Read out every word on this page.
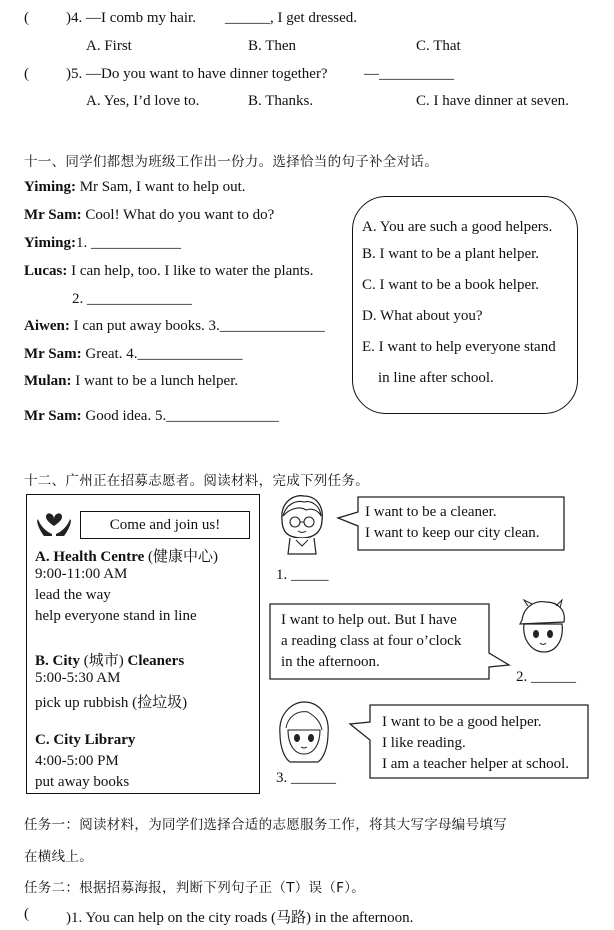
( )4. —I comb my hair. ______, I get dressed.
A. First	B. Then	C. That
( )5. —Do you want to have dinner together? —__________
A. Yes, I’d love to.	B. Thanks.	C. I have dinner at seven.
十一、同学们都想为班级工作出一份力。选择恰当的句子补全对话。
Yiming: Mr Sam, I want to help out.
Mr Sam: Cool! What do you want to do?
Yiming:1. ____________
Lucas: I can help, too. I like to water the plants.
2. ______________
Aiwen: I can put away books. 3.______________
Mr Sam: Great. 4.______________
Mulan: I want to be a lunch helper.
Mr Sam: Good idea. 5._______________
A. You are such a good helpers.
B. I want to be a plant helper.
C. I want to be a book helper.
D. What about you?
E. I want to help everyone stand
in line after school.
十二、广州正在招募志愿者。阅读材料，完成下列任务。
Come and join us!
A. Health Centre (健康中心)
9:00-11:00 AM
lead the way
help everyone stand in line
B. City (城市) Cleaners
5:00-5:30 AM
pick up rubbish (捡垃圾)
C. City Library
4:00-5:00 PM
put away books
I want to be a cleaner.
I want to keep our city clean.
1. _____
I want to help out. But I have
a reading class at four o’clock
in the afternoon.
2. ______
I want to be a good helper.
I like reading.
I am a teacher helper at school.
3. ______
任务一：阅读材料，为同学们选择合适的志愿服务工作，将其大写字母编号填写
在横线上。
任务二：根据招募海报，判断下列句子正（T）误（F）。
( )1. You can help on the city roads (马路) in the afternoon.
